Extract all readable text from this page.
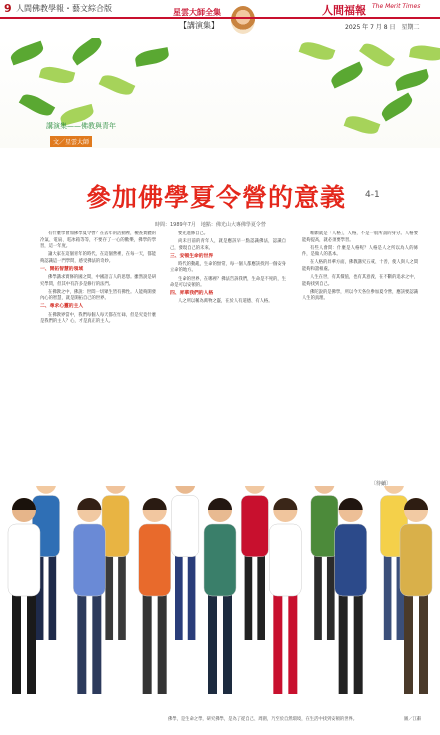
9 人間佛教學報・藝文綜合版	星雲大師全集
【講演集】
人間福報 The Merit Times
2025 年 7 月 8 日　星期二
講演集——佛教與青年
文／星雲大師
參加佛學夏令營的意義 4-1
時間：1989年7月　地點：佛光山大專佛學夏令營

有什麼學會加佛學夏令營？在去年的活動裡，檢查實體的冷氣、電扇、電冰箱等等，不要存了一心的歡樂，佛學的學習，這一年度。

讓大家在這個青年的時代，在這個營裡，在每一天，都能夠認識這一門學問，感受佛法的奇妙。

一、開拓智慧的領域

佛學講求實修的國之間，中國語言人的思想。雖然說是研究學問，但其中有許多是修行的法門。

在佛教之中，佛說：世間一切眾生皆有佛性。人能夠開發內心的智慧，就是開拓自己的世界。

二、尋求心靈的主人

在佛教界當中，我們每個人每天都在忙碌，但是究竟什麼是我們的主人？心，才是真正的主人。

要先進修自己。

尚未目前的青年人，就是應該早一點認識佛法，認識自己，發現自己的未來。

三、安頓生命的世界

時代的動亂，生命的無常，每一個人都應該找到一個安身立命的地方。

生命的世界，在哪裡？佛法告訴我們，生命是不死的，生命是可以安頓的。

四、昇華我們的人格

人之所以稱為萬物之靈，在於人有道德、有人格。

唯願就是「人格」，人格，不是一般所謂的身分。人格要能夠提高，就必須要學習。

有些人會問：什麼是人格呢？人格是人之所以為人的條件，是做人的基本。

在人格的昇華方面，佛教講究五戒、十善，使人與人之間能夠和諧相處。

人生在世，有其價值，也有其意義，在不斷的追求之中，能夠找到自己。

佛陀說的是佛學，所以今天各位參加夏令營，應該要認識人生的真理。

〔待續〕
佛學，是生命之學，研究佛學，是為了從自己、周圍，乃至於自然環境，在生活中找到安頓的世界。	圖／江辭
